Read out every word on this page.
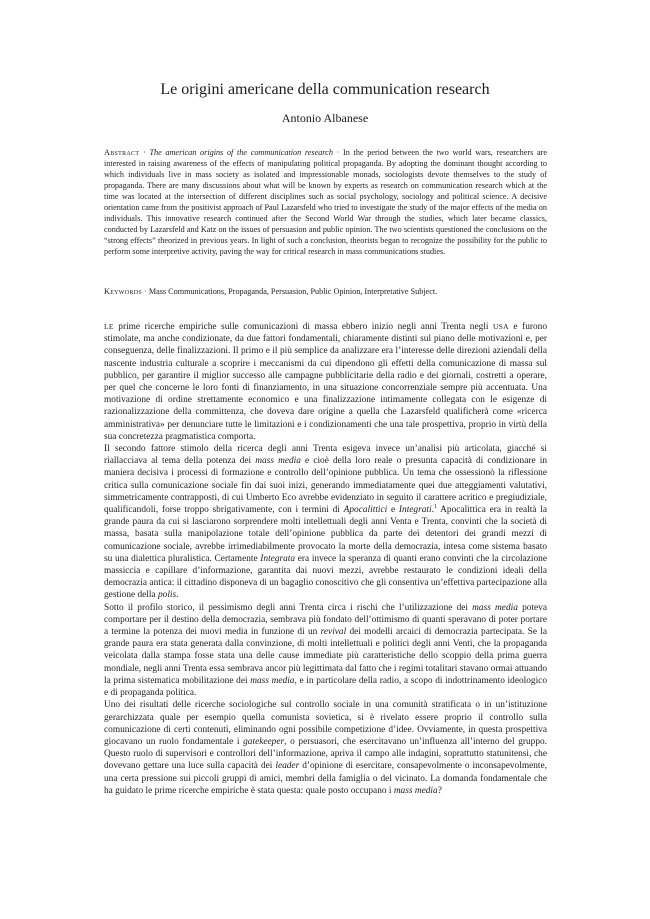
Le origini americane della communication research
Antonio Albanese

Abstract · The american origins of the communication research · In the period between the two world wars, researchers are interested in raising awareness of the effects of manipulating political propaganda. By adopting the dominant thought according to which individuals live in mass society as isolated and impressionable monads, sociologists devote themselves to the study of propaganda. There are many discussions about what will be known by experts as research on communication research which at the time was located at the intersection of different disciplines such as social psychology, sociology and political science. A decisive orientation came from the positivist approach of Paul Lazarsfeld who tried to investigate the study of the major effects of the media on individuals. This innovative research continued after the Second World War through the studies, which later became classics, conducted by Lazarsfeld and Katz on the issues of persuasion and public opinion. The two scientists questioned the conclusions on the “strong effects” theorized in previous years. In light of such a conclusion, theorists began to recognize the possibility for the public to perform some interpretive activity, paving the way for critical research in mass communications studies.

Keywords · Mass Communications, Propaganda, Persuasion, Public Opinion, Interpretative Subject.

LE prime ricerche empiriche sulle comunicazioni di massa ebbero inizio negli anni Trenta negli USA e furono stimolate, ma anche condizionate, da due fattori fondamentali, chiaramente distinti sul piano delle motivazioni e, per conseguenza, delle finalizzazioni. Il primo e il più semplice da analizzare era l’interesse delle direzioni aziendali della nascente industria culturale a scoprire i meccanismi da cui dipendono gli effetti della comunicazione di massa sul pubblico, per garantire il miglior successo alle campagne pubblicitarie della radio e dei giornali, costretti a operare, per quel che concerne le loro fonti di finanziamento, in una situazione concorrenziale sempre più accentuata. Una motivazione di ordine strettamente economico e una finalizzazione intimamente collegata con le esigenze di razionalizzazione della committenza, che doveva dare origine a quella che Lazarsfeld qualificherà come «ricerca amministrativa» per denunciare tutte le limitazioni e i condizionamenti che una tale prospettiva, proprio in virtù della sua concretezza pragmatistica comporta.

Il secondo fattore stimolo della ricerca degli anni Trenta esigeva invece un’analisi più articolata, giacché si riallacciava al tema della potenza dei mass media e cioè della loro reale o presunta capacità di condizionare in maniera decisiva i processi di formazione e controllo dell’opinione pubblica. Un tema che ossessionò la riflessione critica sulla comunicazione sociale fin dai suoi inizi, generando immediatamente quei due atteggiamenti valutativi, simmetricamente contrapposti, di cui Umberto Eco avrebbe evidenziato in seguito il carattere acritico e pregiudiziale, qualificandoli, forse troppo sbrigativamente, con i termini di Apocalittici e Integrati.$^1$ Apocalittica era in realtà la grande paura da cui si lasciarono sorprendere molti intellettuali degli anni Venta e Trenta, convinti che la società di massa, basata sulla manipolazione totale dell’opinione pubblica da parte dei detentori dei grandi mezzi di comunicazione sociale, avrebbe irrimediabilmente provocato la morte della democrazia, intesa come sistema basato su una dialettica pluralistica. Certamente Integrata era invece la speranza di quanti erano convinti che la circolazione massiccia e capillare d’informazione, garantita dai nuovi mezzi, avrebbe restaurato le condizioni ideali della democrazia antica: il cittadino disponeva di un bagaglio conoscitivo che gli consentiva un’effettiva partecipazione alla gestione della polis.

Sotto il profilo storico, il pessimismo degli anni Trenta circa i rischi che l’utilizzazione dei mass media poteva comportare per il destino della democrazia, sembrava più fondato dell’ottimismo di quanti speravano di poter portare a termine la potenza dei nuovi media in funzione di un revival dei modelli arcaici di democrazia partecipata. Se la grande paura era stata generata dalla convinzione, di molti intellettuali e politici degli anni Venti, che la propaganda veicolata dalla stampa fosse stata una delle cause immediate più caratteristiche dello scoppio della prima guerra mondiale, negli anni Trenta essa sembrava ancor più legittimata dal fatto che i regimi totalitari stavano ormai attuando la prima sistematica mobilitazione dei mass media, e in particolare della radio, a scopo di indottrinamento ideologico e di propaganda politica.

Uno dei risultati delle ricerche sociologiche sul controllo sociale in una comunità stratificata o in un’istituzione gerarchizzata quale per esempio quella comunista sovietica, si è rivelato essere proprio il controllo sulla comunicazione di certi contenuti, eliminando ogni possibile competizione d’idee. Ovviamente, in questa prospettiva giocavano un ruolo fondamentale i gatekeeper, o persuasori, che esercitavano un’influenza all’interno del gruppo. Questo ruolo di supervisori e controllori dell’informazione, apriva il campo alle indagini, soprattutto statunitensi, che dovevano gettare una luce sulla capacità dei leader d’opinione di esercitare, consapevolmente o inconsapevolmente, una certa pressione sui piccoli gruppi di amici, membri della famiglia o del vicinato. La domanda fondamentale che ha guidato le prime ricerche empiriche è stata questa: quale posto occupano i mass media?
